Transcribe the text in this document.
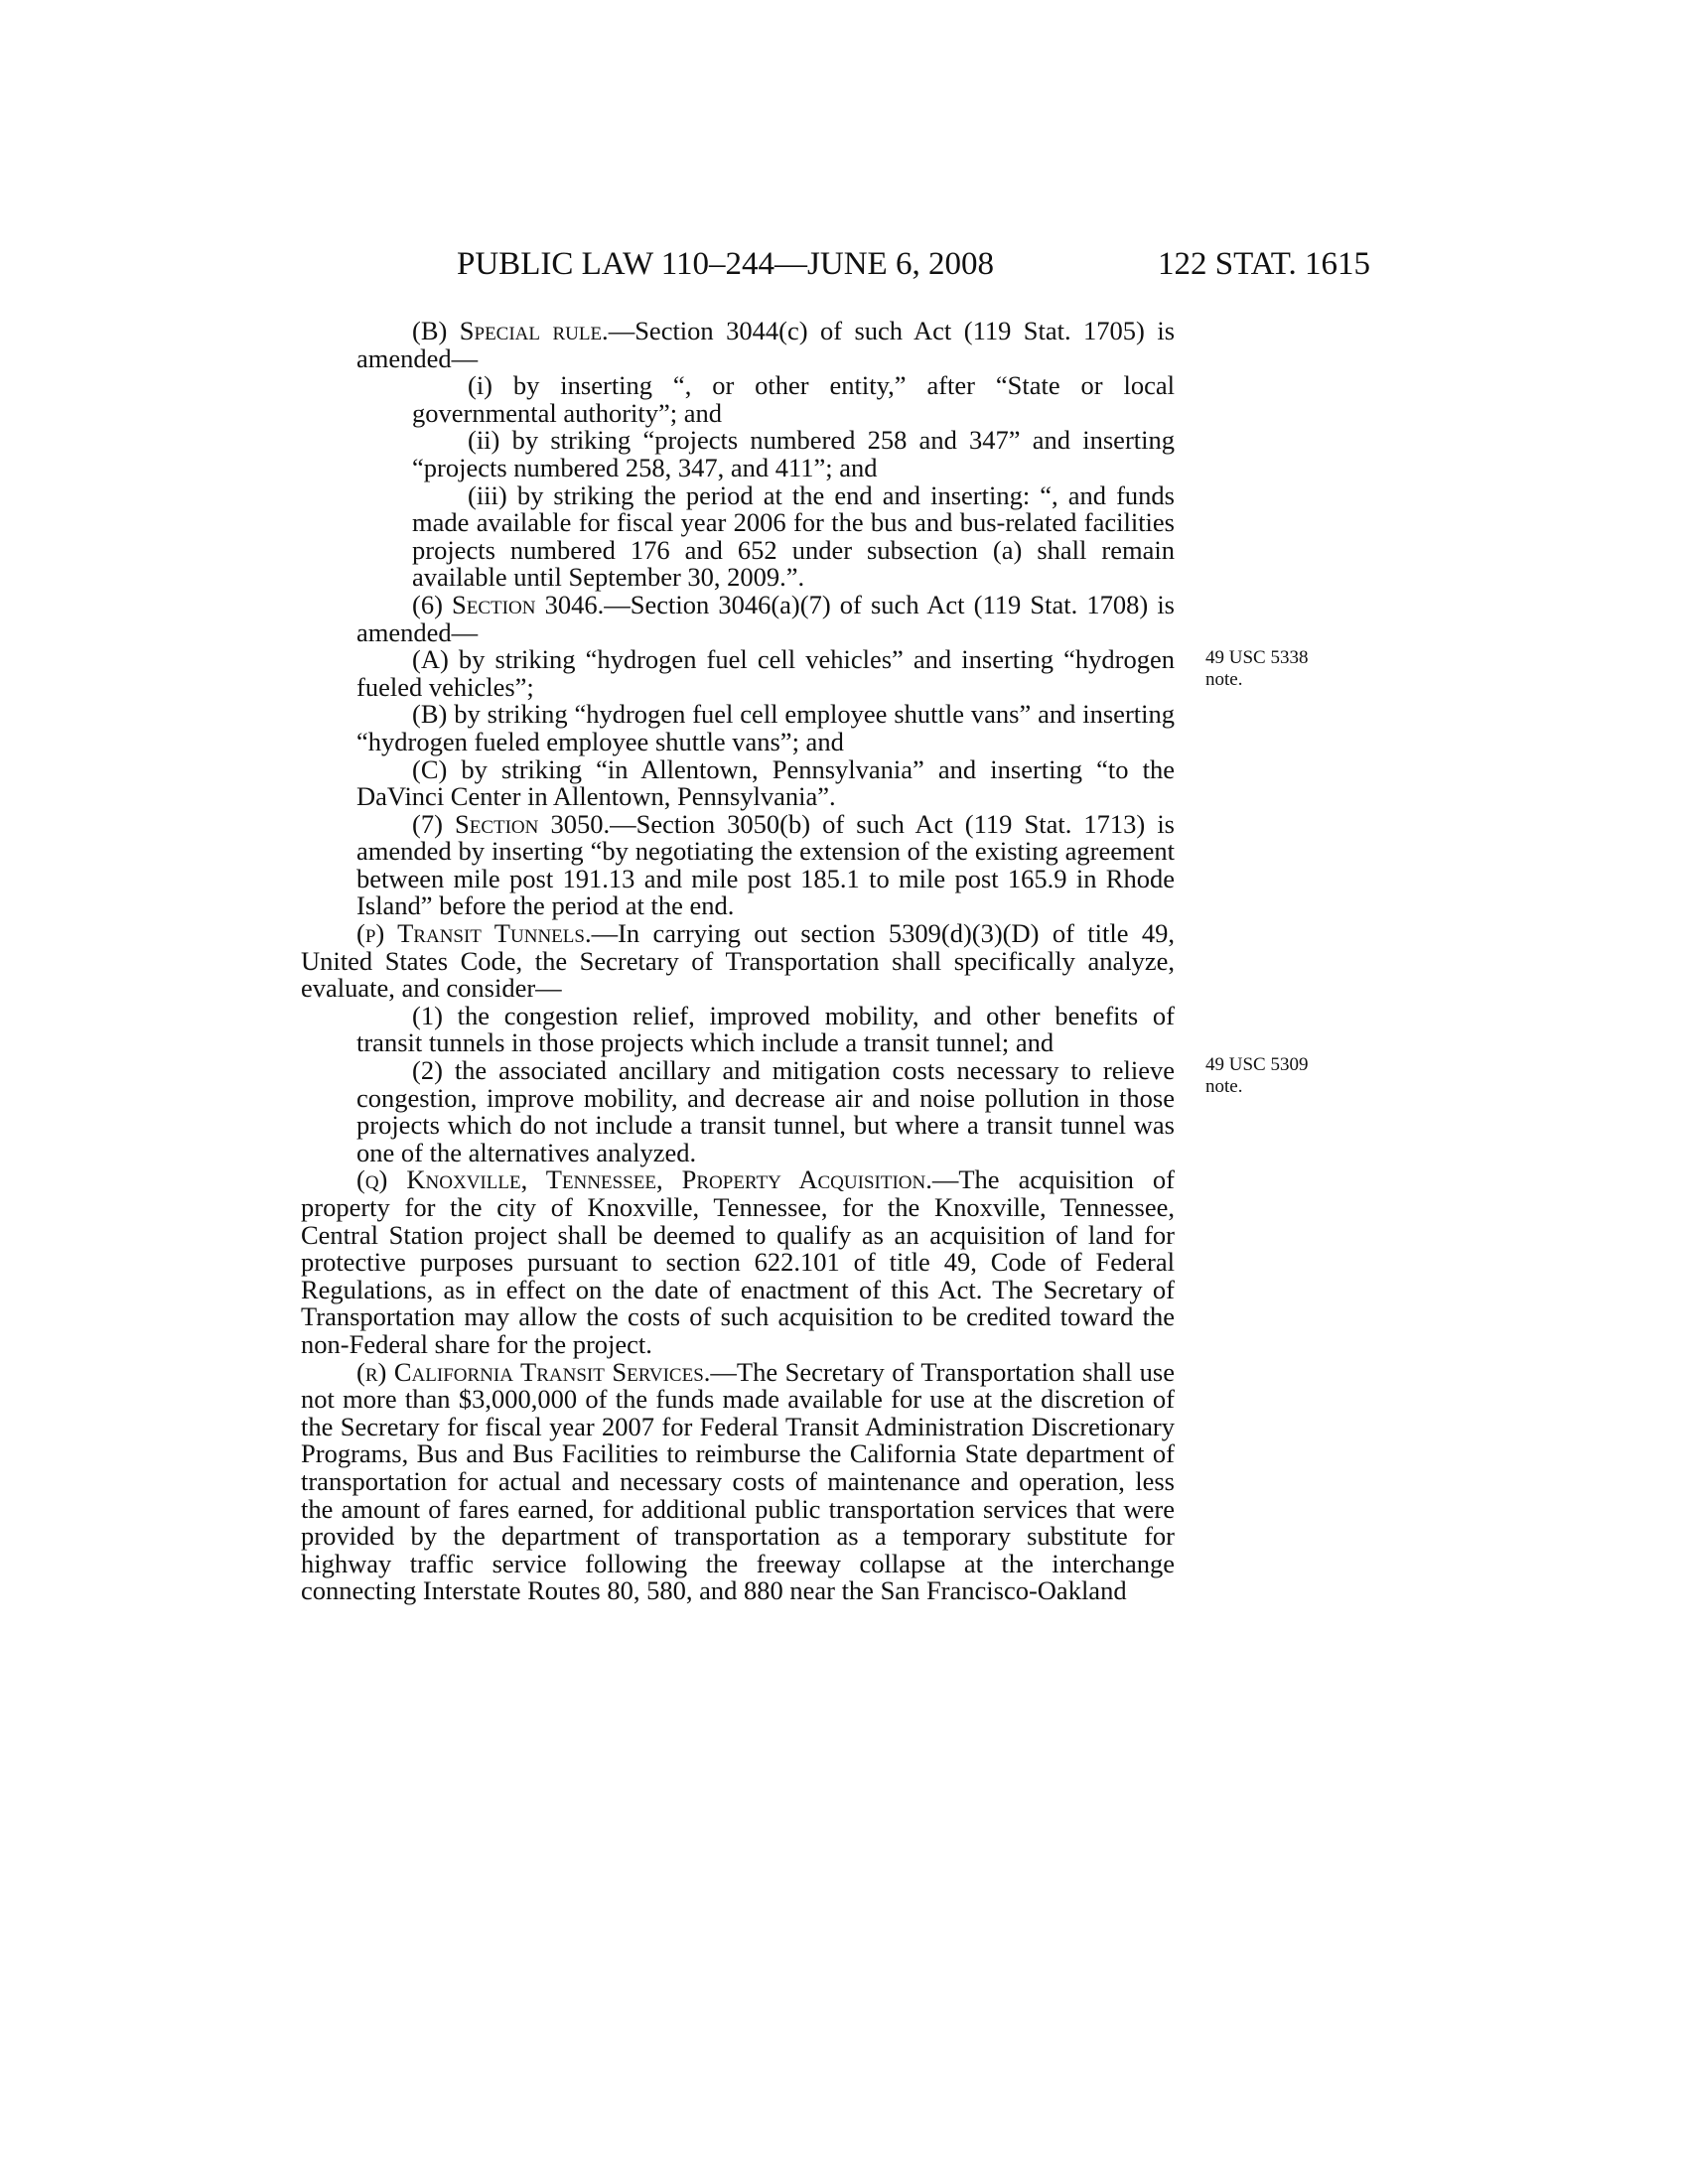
PUBLIC LAW 110–244—JUNE 6, 2008	122 STAT. 1615
49 USC 5338 note.
49 USC 5309 note.

(B) Special rule.—Section 3044(c) of such Act (119 Stat. 1705) is amended—

(i) by inserting “, or other entity,” after “State or local governmental authority”; and

(ii) by striking “projects numbered 258 and 347” and inserting “projects numbered 258, 347, and 411”; and

(iii) by striking the period at the end and inserting: “, and funds made available for fiscal year 2006 for the bus and bus-related facilities projects numbered 176 and 652 under subsection (a) shall remain available until September 30, 2009.”.

(6) Section 3046.—Section 3046(a)(7) of such Act (119 Stat. 1708) is amended—

(A) by striking “hydrogen fuel cell vehicles” and inserting “hydrogen fueled vehicles”;

(B) by striking “hydrogen fuel cell employee shuttle vans” and inserting “hydrogen fueled employee shuttle vans”; and

(C) by striking “in Allentown, Pennsylvania” and inserting “to the DaVinci Center in Allentown, Pennsylvania”.

(7) Section 3050.—Section 3050(b) of such Act (119 Stat. 1713) is amended by inserting “by negotiating the extension of the existing agreement between mile post 191.13 and mile post 185.1 to mile post 165.9 in Rhode Island” before the period at the end.

(p) Transit Tunnels.—In carrying out section 5309(d)(3)(D) of title 49, United States Code, the Secretary of Transportation shall specifically analyze, evaluate, and consider—

(1) the congestion relief, improved mobility, and other benefits of transit tunnels in those projects which include a transit tunnel; and

(2) the associated ancillary and mitigation costs necessary to relieve congestion, improve mobility, and decrease air and noise pollution in those projects which do not include a transit tunnel, but where a transit tunnel was one of the alternatives analyzed.

(q) Knoxville, Tennessee, Property Acquisition.—The acquisition of property for the city of Knoxville, Tennessee, for the Knoxville, Tennessee, Central Station project shall be deemed to qualify as an acquisition of land for protective purposes pursuant to section 622.101 of title 49, Code of Federal Regulations, as in effect on the date of enactment of this Act. The Secretary of Transportation may allow the costs of such acquisition to be credited toward the non-Federal share for the project.

(r) California Transit Services.—The Secretary of Transportation shall use not more than $3,000,000 of the funds made available for use at the discretion of the Secretary for fiscal year 2007 for Federal Transit Administration Discretionary Programs, Bus and Bus Facilities to reimburse the California State department of transportation for actual and necessary costs of maintenance and operation, less the amount of fares earned, for additional public transportation services that were provided by the department of transportation as a temporary substitute for highway traffic service following the freeway collapse at the interchange connecting Interstate Routes 80, 580, and 880 near the San Francisco-Oakland
